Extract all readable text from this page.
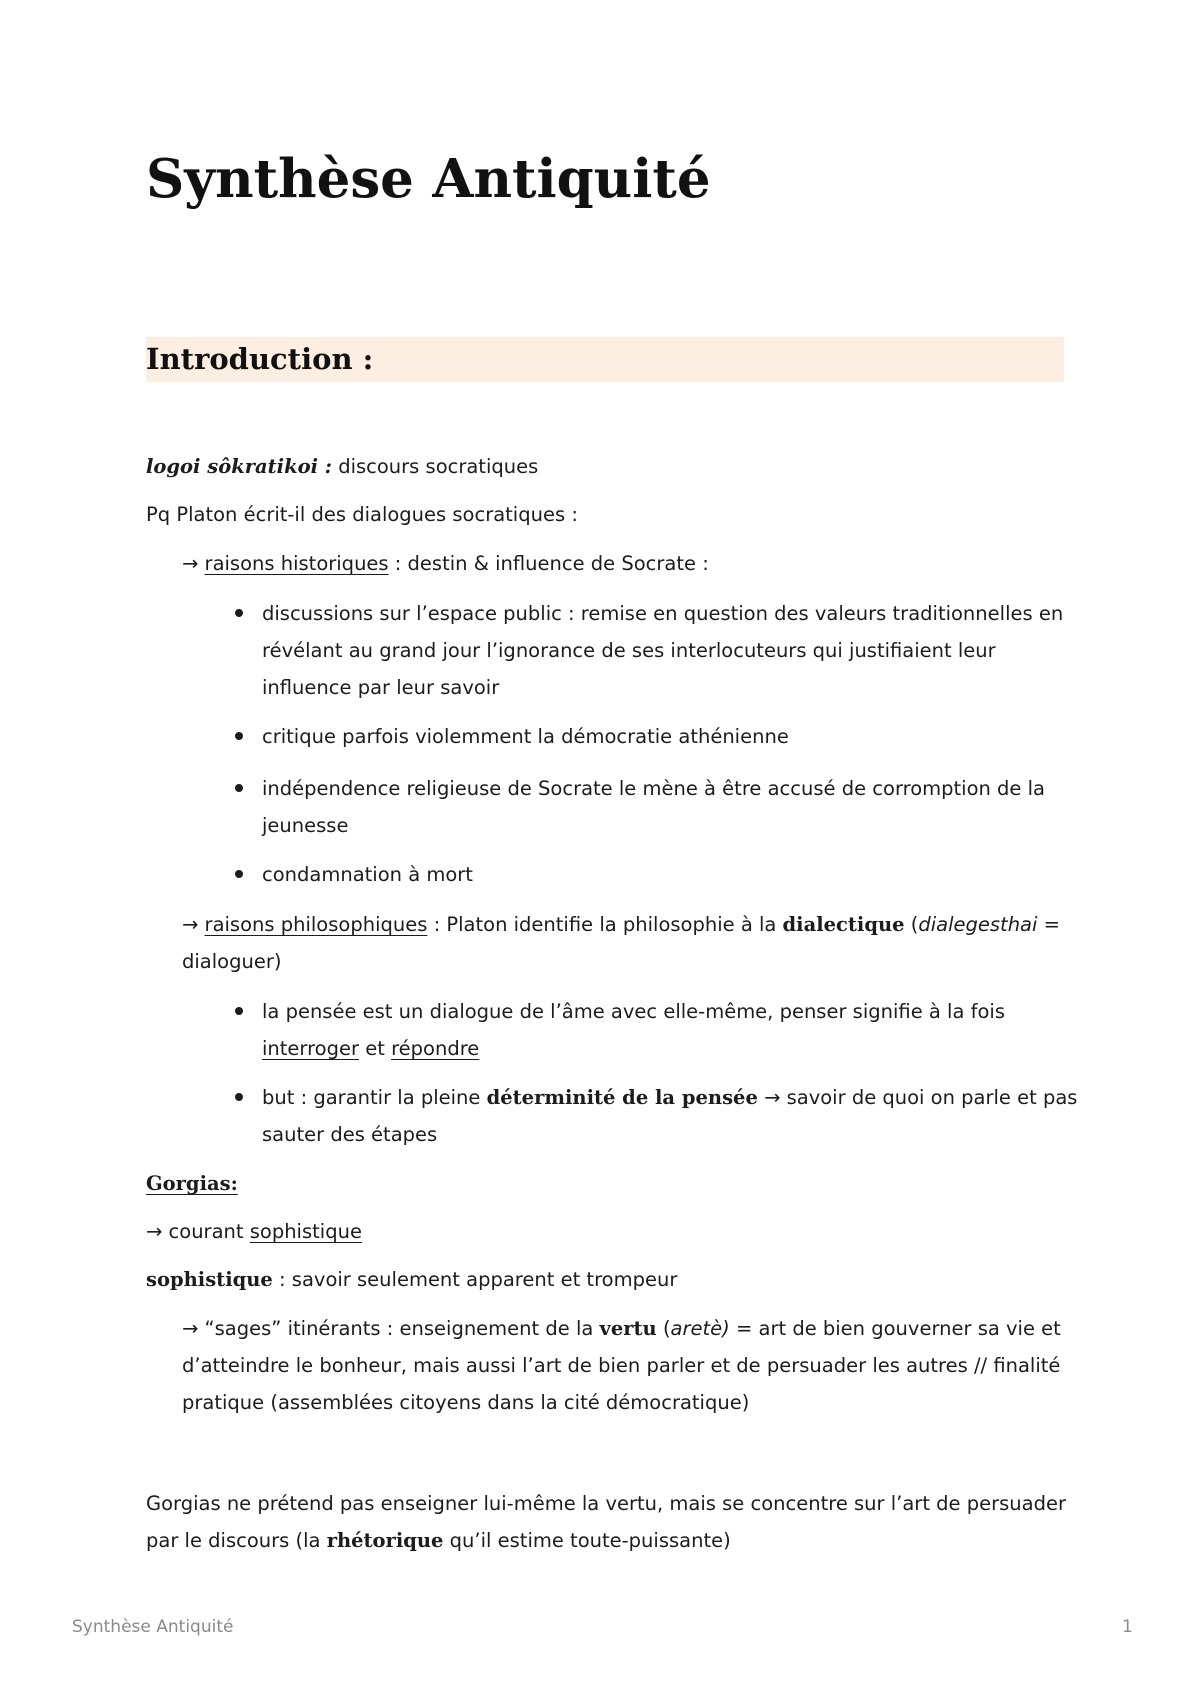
Synthèse Antiquité
Introduction :

logoi sôkratikoi : discours socratiques

Pq Platon écrit-il des dialogues socratiques :

→ raisons historiques : destin & influence de Socrate :

discussions sur l’espace public : remise en question des valeurs traditionnelles en

révélant au grand jour l’ignorance de ses interlocuteurs qui justifiaient leur

influence par leur savoir

critique parfois violemment la démocratie athénienne

indépendence religieuse de Socrate le mène à être accusé de corromption de la

jeunesse

condamnation à mort

→ raisons philosophiques : Platon identifie la philosophie à la dialectique (dialegesthai =

dialoguer)

la pensée est un dialogue de l’âme avec elle-même, penser signifie à la fois

interroger et répondre

but : garantir la pleine déterminité de la pensée → savoir de quoi on parle et pas

sauter des étapes

Gorgias:

→ courant sophistique

sophistique : savoir seulement apparent et trompeur

→ “sages” itinérants : enseignement de la vertu (aretè) = art de bien gouverner sa vie et

d’atteindre le bonheur, mais aussi l’art de bien parler et de persuader les autres // finalité

pratique (assemblées citoyens dans la cité démocratique)

Gorgias ne prétend pas enseigner lui-même la vertu, mais se concentre sur l’art de persuader

par le discours (la rhétorique qu’il estime toute-puissante)

Synthèse Antiquité	1
